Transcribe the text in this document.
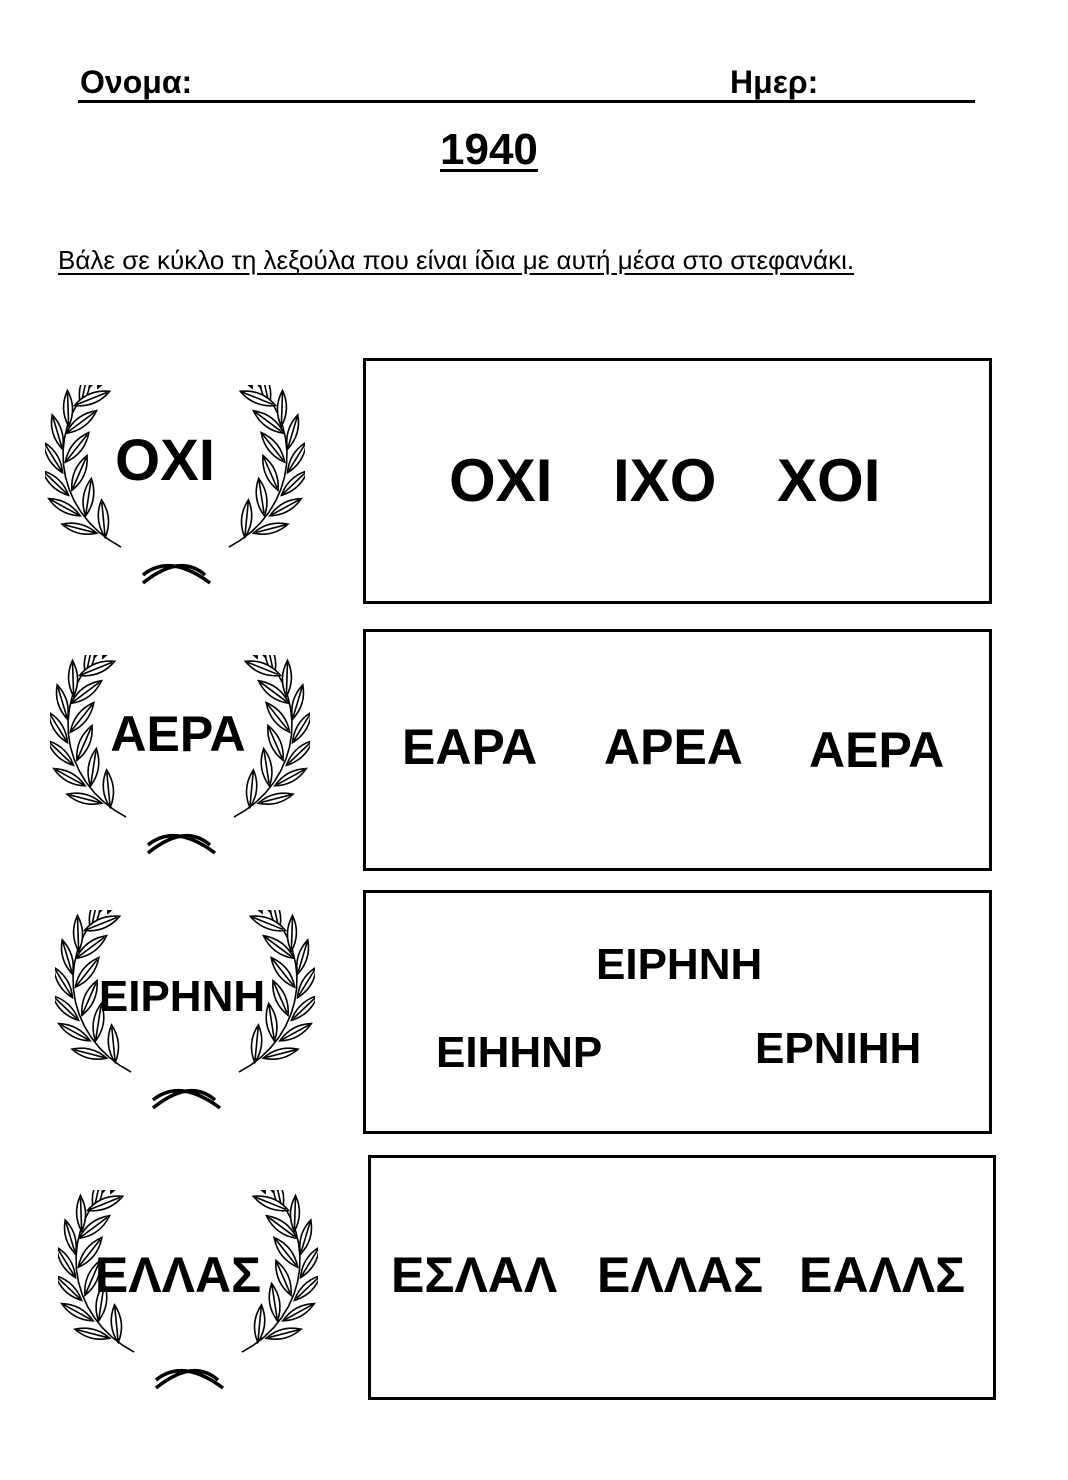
Ονομα:	Ημερ:
1940
Βάλε σε κύκλο τη λεξούλα που είναι ίδια με αυτή μέσα στο στεφανάκι.
ΟΧΙ	ΟΧΙ ΙΧΟ ΧΟΙ
ΑΕΡΑ	ΕΑΡΑ ΑΡΕΑ ΑΕΡΑ
ΕΙΡΗΝΗ
ΕΙΡΗΝΗ
ΕΙΗΗΝΡ	ΕΡΝΙΗΗ
ΕΛΛΑΣ	ΕΣΛΑΛ ΕΛΛΑΣ ΕΑΛΛΣ
